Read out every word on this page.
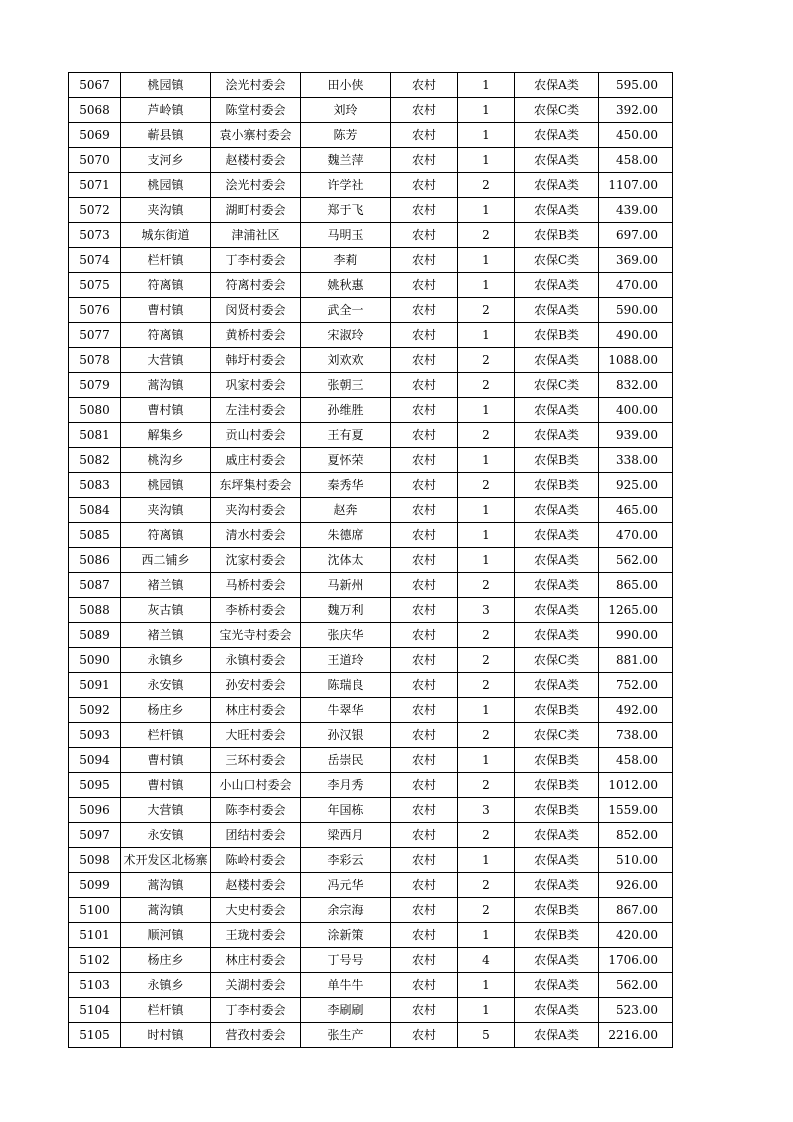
5067	桃园镇	浍光村委会	田小侠	农村	1	农保A类	595.00
5068	芦岭镇	陈堂村委会	刘玲	农村	1	农保C类	392.00
5069	蕲县镇	袁小寨村委会	陈芳	农村	1	农保A类	450.00
5070	支河乡	赵楼村委会	魏兰萍	农村	1	农保A类	458.00
5071	桃园镇	浍光村委会	许学社	农村	2	农保A类	1107.00
5072	夹沟镇	湖町村委会	郑于飞	农村	1	农保A类	439.00
5073	城东街道	津浦社区	马明玉	农村	2	农保B类	697.00
5074	栏杆镇	丁李村委会	李莉	农村	1	农保C类	369.00
5075	符离镇	符离村委会	姚秋惠	农村	1	农保A类	470.00
5076	曹村镇	闵贤村委会	武全一	农村	2	农保A类	590.00
5077	符离镇	黄桥村委会	宋淑玲	农村	1	农保B类	490.00
5078	大营镇	韩圩村委会	刘欢欢	农村	2	农保A类	1088.00
5079	蒿沟镇	巩家村委会	张朝三	农村	2	农保C类	832.00
5080	曹村镇	左洼村委会	孙维胜	农村	1	农保A类	400.00
5081	解集乡	贡山村委会	王有夏	农村	2	农保A类	939.00
5082	桃沟乡	戚庄村委会	夏怀荣	农村	1	农保B类	338.00
5083	桃园镇	东坪集村委会	秦秀华	农村	2	农保B类	925.00
5084	夹沟镇	夹沟村委会	赵奔	农村	1	农保A类	465.00
5085	符离镇	清水村委会	朱德席	农村	1	农保A类	470.00
5086	西二铺乡	沈家村委会	沈体太	农村	1	农保A类	562.00
5087	褚兰镇	马桥村委会	马新州	农村	2	农保A类	865.00
5088	灰古镇	李桥村委会	魏万利	农村	3	农保A类	1265.00
5089	褚兰镇	宝光寺村委会	张庆华	农村	2	农保A类	990.00
5090	永镇乡	永镇村委会	王道玲	农村	2	农保C类	881.00
5091	永安镇	孙安村委会	陈瑞良	农村	2	农保A类	752.00
5092	杨庄乡	林庄村委会	牛翠华	农村	1	农保B类	492.00
5093	栏杆镇	大旺村委会	孙汉银	农村	2	农保C类	738.00
5094	曹村镇	三环村委会	岳崇民	农村	1	农保B类	458.00
5095	曹村镇	小山口村委会	李月秀	农村	2	农保B类	1012.00
5096	大营镇	陈李村委会	年国栋	农村	3	农保B类	1559.00
5097	永安镇	团结村委会	梁西月	农村	2	农保A类	852.00
5098	术开发区北杨寨	陈岭村委会	李彩云	农村	1	农保A类	510.00
5099	蒿沟镇	赵楼村委会	冯元华	农村	2	农保A类	926.00
5100	蒿沟镇	大史村委会	余宗海	农村	2	农保B类	867.00
5101	顺河镇	王珑村委会	涂新策	农村	1	农保B类	420.00
5102	杨庄乡	林庄村委会	丁号号	农村	4	农保A类	1706.00
5103	永镇乡	关湖村委会	单牛牛	农村	1	农保A类	562.00
5104	栏杆镇	丁李村委会	李刷刷	农村	1	农保A类	523.00
5105	时村镇	营孜村委会	张生产	农村	5	农保A类	2216.00
